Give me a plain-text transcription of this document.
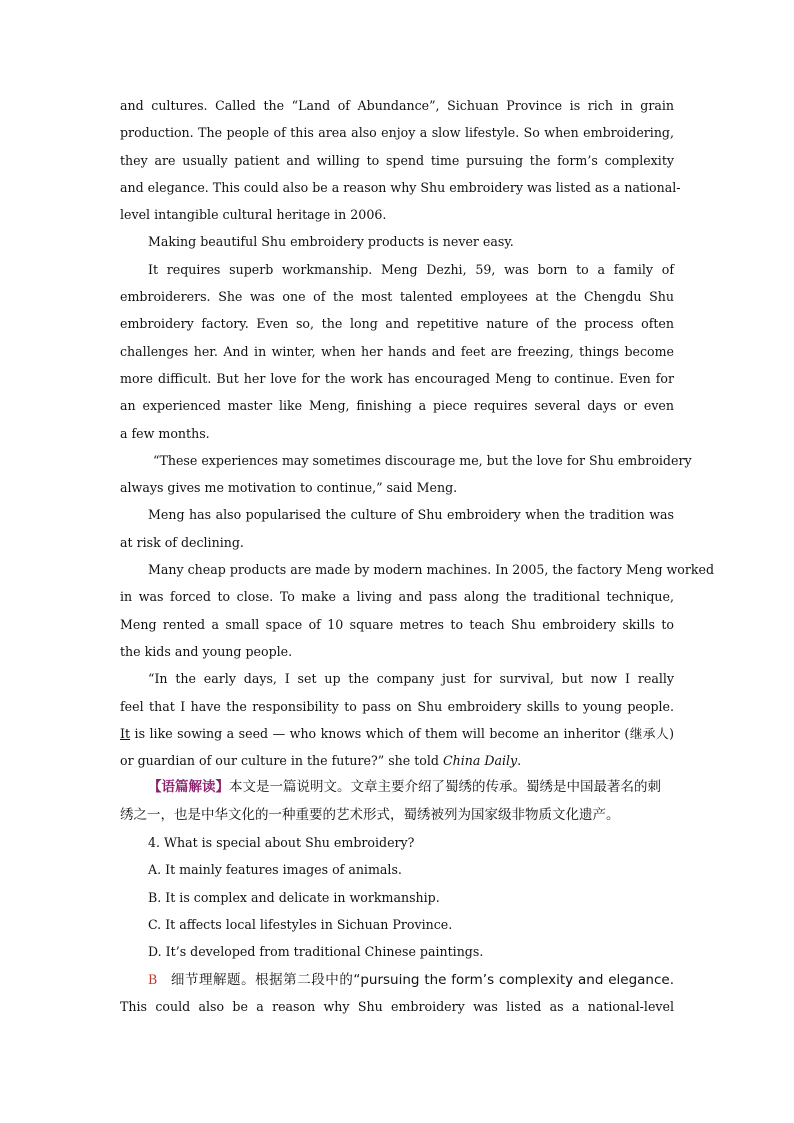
and cultures. Called the “Land of Abundance”, Sichuan Province is rich in grain
production. The people of this area also enjoy a slow lifestyle. So when embroidering,
they are usually patient and willing to spend time pursuing the form’s complexity
and elegance. This could also be a reason why Shu embroidery was listed as a national-
level intangible cultural heritage in 2006.
Making beautiful Shu embroidery products is never easy.
It requires superb workmanship. Meng Dezhi, 59, was born to a family of
embroiderers. She was one of the most talented employees at the Chengdu Shu
embroidery factory. Even so, the long and repetitive nature of the process often
challenges her. And in winter, when her hands and feet are freezing, things become
more difficult. But her love for the work has encouraged Meng to continue. Even for
an experienced master like Meng, finishing a piece requires several days or even
a few months.
“These experiences may sometimes discourage me, but the love for Shu embroidery
always gives me motivation to continue,” said Meng.
Meng has also popularised the culture of Shu embroidery when the tradition was
at risk of declining.
Many cheap products are made by modern machines. In 2005, the factory Meng worked
in was forced to close. To make a living and pass along the traditional technique,
Meng rented a small space of 10 square metres to teach Shu embroidery skills to
the kids and young people.
“In the early days, I set up the company just for survival, but now I really
feel that I have the responsibility to pass on Shu embroidery skills to young people.
It is like sowing a seed — who knows which of them will become an inheritor (继承人)
or guardian of our culture in the future?” she told China Daily.
【语篇解读】本文是一篇说明文。文章主要介绍了蜀绣的传承。蜀绣是中国最著名的刺
绣之一，也是中华文化的一种重要的艺术形式，蜀绣被列为国家级非物质文化遗产。
4. What is special about Shu embroidery?
A. It mainly features images of animals.
B. It is complex and delicate in workmanship.
C. It affects local lifestyles in Sichuan Province.
D. It’s developed from traditional Chinese paintings.
B 细节理解题。根据第二段中的“pursuing the form’s complexity and elegance.
This could also be a reason why Shu embroidery was listed as a national-level
